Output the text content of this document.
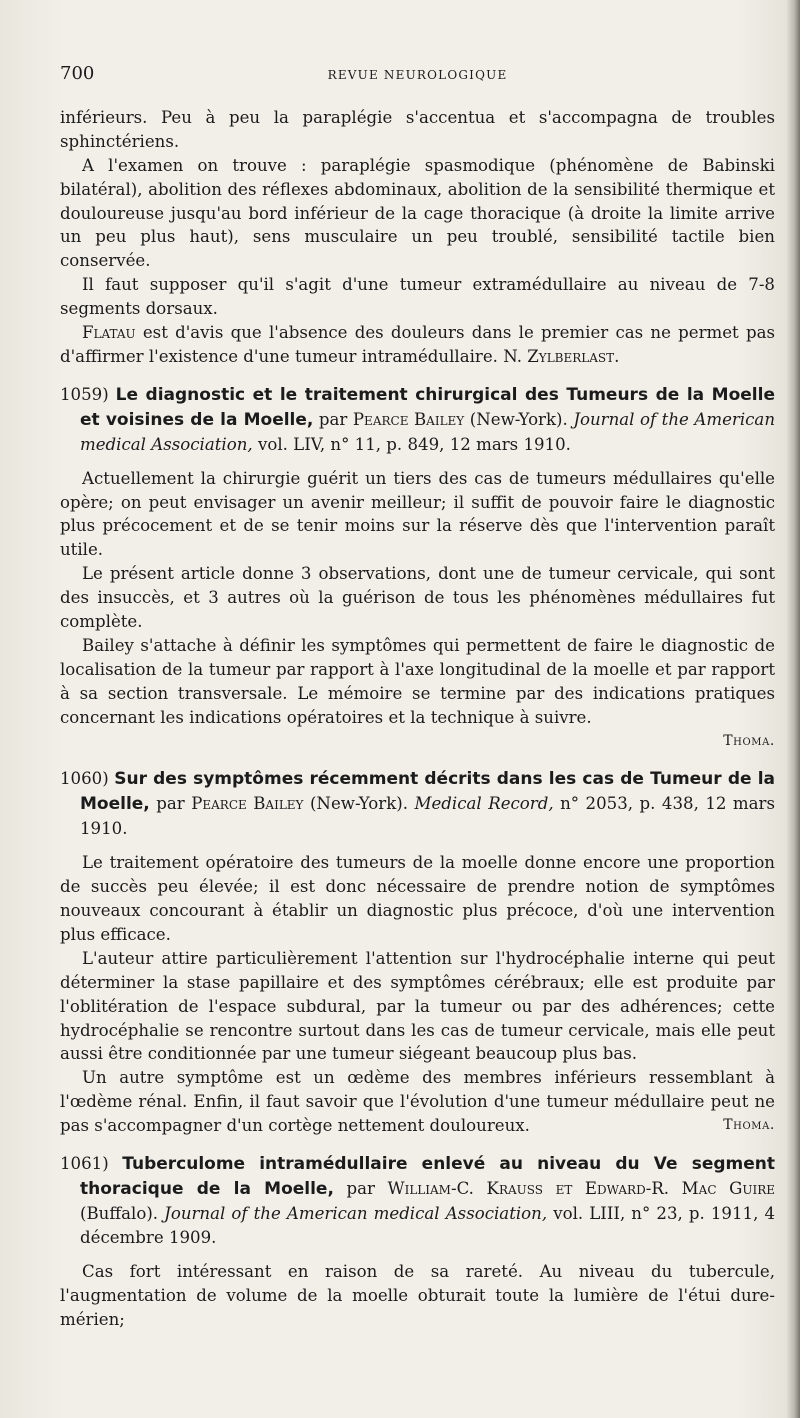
700	REVUE NEUROLOGIQUE

inférieurs. Peu à peu la paraplégie s'accentua et s'accompagna de troubles sphinctériens.

A l'examen on trouve : paraplégie spasmodique (phénomène de Babinski bilatéral), abolition des réflexes abdominaux, abolition de la sensibilité thermique et douloureuse jusqu'au bord inférieur de la cage thoracique (à droite la limite arrive un peu plus haut), sens musculaire un peu troublé, sensibilité tactile bien conservée.

Il faut supposer qu'il s'agit d'une tumeur extramédullaire au niveau de 7-8 segments dorsaux.

Flatau est d'avis que l'absence des douleurs dans le premier cas ne permet pas d'affirmer l'existence d'une tumeur intramédullaire. N. Zylberlast.

1059) Le diagnostic et le traitement chirurgical des Tumeurs de la Moelle et voisines de la Moelle, par Pearce Bailey (New-York). Journal of the American medical Association, vol. LIV, n° 11, p. 849, 12 mars 1910.

Actuellement la chirurgie guérit un tiers des cas de tumeurs médullaires qu'elle opère; on peut envisager un avenir meilleur; il suffit de pouvoir faire le diagnostic plus précocement et de se tenir moins sur la réserve dès que l'intervention paraît utile.

Le présent article donne 3 observations, dont une de tumeur cervicale, qui sont des insuccès, et 3 autres où la guérison de tous les phénomènes médullaires fut complète.

Bailey s'attache à définir les symptômes qui permettent de faire le diagnostic de localisation de la tumeur par rapport à l'axe longitudinal de la moelle et par rapport à sa section transversale. Le mémoire se termine par des indications pratiques concernant les indications opératoires et la technique à suivre.

Thoma.

1060) Sur des symptômes récemment décrits dans les cas de Tumeur de la Moelle, par Pearce Bailey (New-York). Medical Record, n° 2053, p. 438, 12 mars 1910.

Le traitement opératoire des tumeurs de la moelle donne encore une proportion de succès peu élevée; il est donc nécessaire de prendre notion de symptômes nouveaux concourant à établir un diagnostic plus précoce, d'où une intervention plus efficace.

L'auteur attire particulièrement l'attention sur l'hydrocéphalie interne qui peut déterminer la stase papillaire et des symptômes cérébraux; elle est produite par l'oblitération de l'espace subdural, par la tumeur ou par des adhérences; cette hydrocéphalie se rencontre surtout dans les cas de tumeur cervicale, mais elle peut aussi être conditionnée par une tumeur siégeant beaucoup plus bas.

Un autre symptôme est un œdème des membres inférieurs ressemblant à l'œdème rénal. Enfin, il faut savoir que l'évolution d'une tumeur médullaire peut ne pas s'accompagner d'un cortège nettement douloureux.	Thoma.

1061) Tuberculome intramédullaire enlevé au niveau du Ve segment thoracique de la Moelle, par William-C. Krauss et Edward-R. Mac Guire (Buffalo). Journal of the American medical Association, vol. LIII, n° 23, p. 1911, 4 décembre 1909.

Cas fort intéressant en raison de sa rareté. Au niveau du tubercule, l'augmentation de volume de la moelle obturait toute la lumière de l'étui dure-mérien;
